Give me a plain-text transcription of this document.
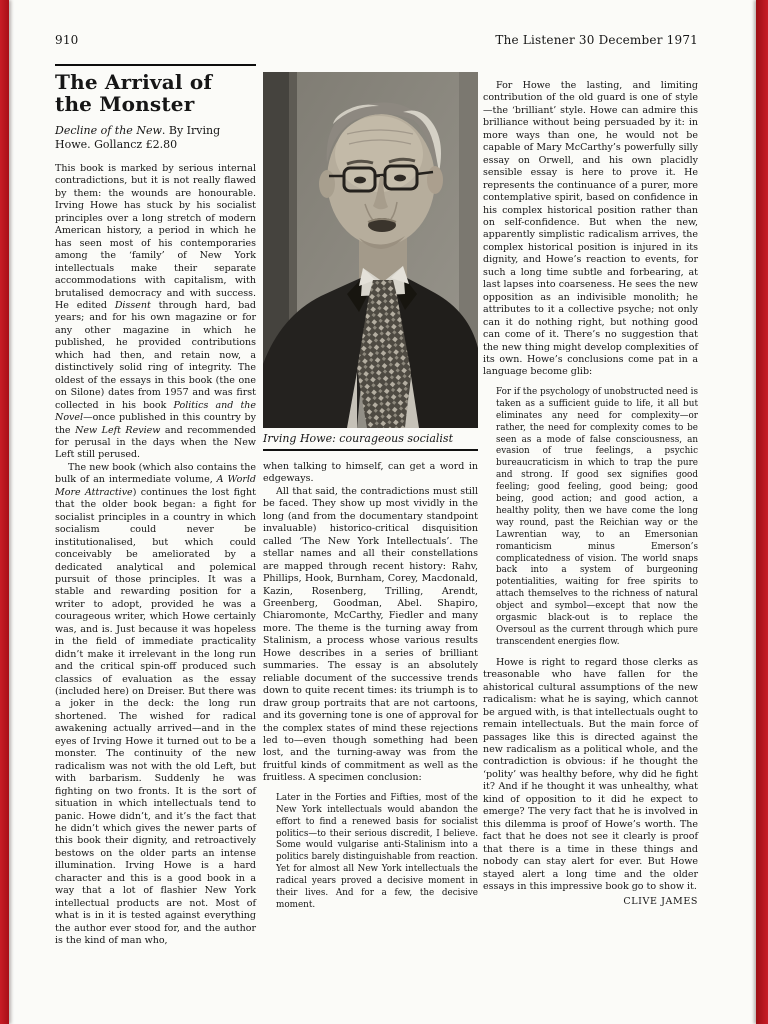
910	The Listener 30 December 1971
The Arrival of
the Monster
Decline of the New. By Irving Howe. Gollancz £2.80

This book is marked by serious internal contradictions, but it is not really flawed by them: the wounds are honourable. Irving Howe has stuck by his socialist principles over a long stretch of modern American history, a period in which he has seen most of his contemporaries among the ‘family’ of New York intellectuals make their separate accommodations with capitalism, with brutalised democracy and with success. He edited Dissent through hard, bad years; and for his own magazine or for any other magazine in which he published, he provided contributions which had then, and retain now, a distinctively solid ring of integrity. The oldest of the essays in this book (the one on Silone) dates from 1957 and was first collected in his book Politics and the Novel—once published in this country by the New Left Review and recommended for perusal in the days when the New Left still perused.

The new book (which also contains the bulk of an intermediate volume, A World More Attractive) continues the lost fight that the older book began: a fight for socialist principles in a country in which socialism could never be institutionalised, but which could conceivably be ameliorated by a dedicated analytical and polemical pursuit of those principles. It was a stable and rewarding position for a writer to adopt, provided he was a courageous writer, which Howe certainly was, and is. Just because it was hopeless in the field of immediate practicality didn’t make it irrelevant in the long run and the critical spin-off produced such classics of evaluation as the essay (included here) on Dreiser. But there was a joker in the deck: the long run shortened. The wished for radical awakening actually arrived—and in the eyes of Irving Howe it turned out to be a monster. The continuity of the new radicalism was not with the old Left, but with barbarism. Suddenly he was fighting on two fronts. It is the sort of situation in which intellectuals tend to panic. Howe didn’t, and it’s the fact that he didn’t which gives the newer parts of this book their dignity, and retroactively bestows on the older parts an intense illumination. Irving Howe is a hard character and this is a good book in a way that a lot of flashier New York intellectual products are not. Most of what is in it is tested against everything the author ever stood for, and the author is the kind of man who,

Irving Howe: courageous socialist

when talking to himself, can get a word in edgeways.

All that said, the contradictions must still be faced. They show up most vividly in the long (and from the documentary standpoint invaluable) historico-critical disquisition called ‘The New York Intellectuals’. The stellar names and all their constellations are mapped through recent history: Rahv, Phillips, Hook, Burnham, Corey, Macdonald, Kazin, Rosenberg, Trilling, Arendt, Greenberg, Goodman, Abel. Shapiro, Chiaromonte, McCarthy, Fiedler and many more. The theme is the turning away from Stalinism, a process whose various results Howe describes in a series of brilliant summaries. The essay is an absolutely reliable document of the successive trends down to quite recent times: its triumph is to draw group portraits that are not cartoons, and its governing tone is one of approval for the complex states of mind these rejections led to—even though something had been lost, and the turning-away was from the fruitful kinds of commitment as well as the fruitless. A specimen conclusion:

Later in the Forties and Fifties, most of the New York intellectuals would abandon the effort to find a renewed basis for socialist politics—to their serious discredit, I believe. Some would vulgarise anti-Stalinism into a politics barely distinguishable from reaction. Yet for almost all New York intellectuals the radical years proved a decisive moment in their lives. And for a few, the decisive moment.

For Howe the lasting, and limiting contribution of the old guard is one of style —the ‘brilliant’ style. Howe can admire this brilliance without being persuaded by it: in more ways than one, he would not be capable of Mary McCarthy’s powerfully silly essay on Orwell, and his own placidly sensible essay is here to prove it. He represents the continuance of a purer, more contemplative spirit, based on confidence in his complex historical position rather than on self-confidence. But when the new, apparently simplistic radicalism arrives, the complex historical position is injured in its dignity, and Howe’s reaction to events, for such a long time subtle and forbearing, at last lapses into coarseness. He sees the new opposition as an indivisible monolith; he attributes to it a collective psyche; not only can it do nothing right, but nothing good can come of it. There’s no suggestion that the new thing might develop complexities of its own. Howe’s conclusions come pat in a language become glib:

For if the psychology of unobstructed need is taken as a sufficient guide to life, it all but eliminates any need for complexity—or rather, the need for complexity comes to be seen as a mode of false consciousness, an evasion of true feelings, a psychic bureaucraticism in which to trap the pure and strong. If good sex signifies good feeling; good feeling, good being; good being, good action; and good action, a healthy polity, then we have come the long way round, past the Reichian way or the Lawrentian way, to an Emersonian romanticism minus Emerson’s complicatedness of vision. The world snaps back into a system of burgeoning potentialities, waiting for free spirits to attach themselves to the richness of natural object and symbol—except that now the orgasmic black-out is to replace the Oversoul as the current through which pure transcendent energies flow.

Howe is right to regard those clerks as treasonable who have fallen for the ahistorical cultural assumptions of the new radicalism: what he is saying, which cannot be argued with, is that intellectuals ought to remain intellectuals. But the main force of passages like this is directed against the new radicalism as a political whole, and the contradiction is obvious: if he thought the ‘polity’ was healthy before, why did he fight it? And if he thought it was unhealthy, what kind of opposition to it did he expect to emerge? The very fact that he is involved in this dilemma is proof of Howe’s worth. The fact that he does not see it clearly is proof that there is a time in these things and nobody can stay alert for ever. But Howe stayed alert a long time and the older essays in this impressive book go to show it.

CLIVE JAMES
